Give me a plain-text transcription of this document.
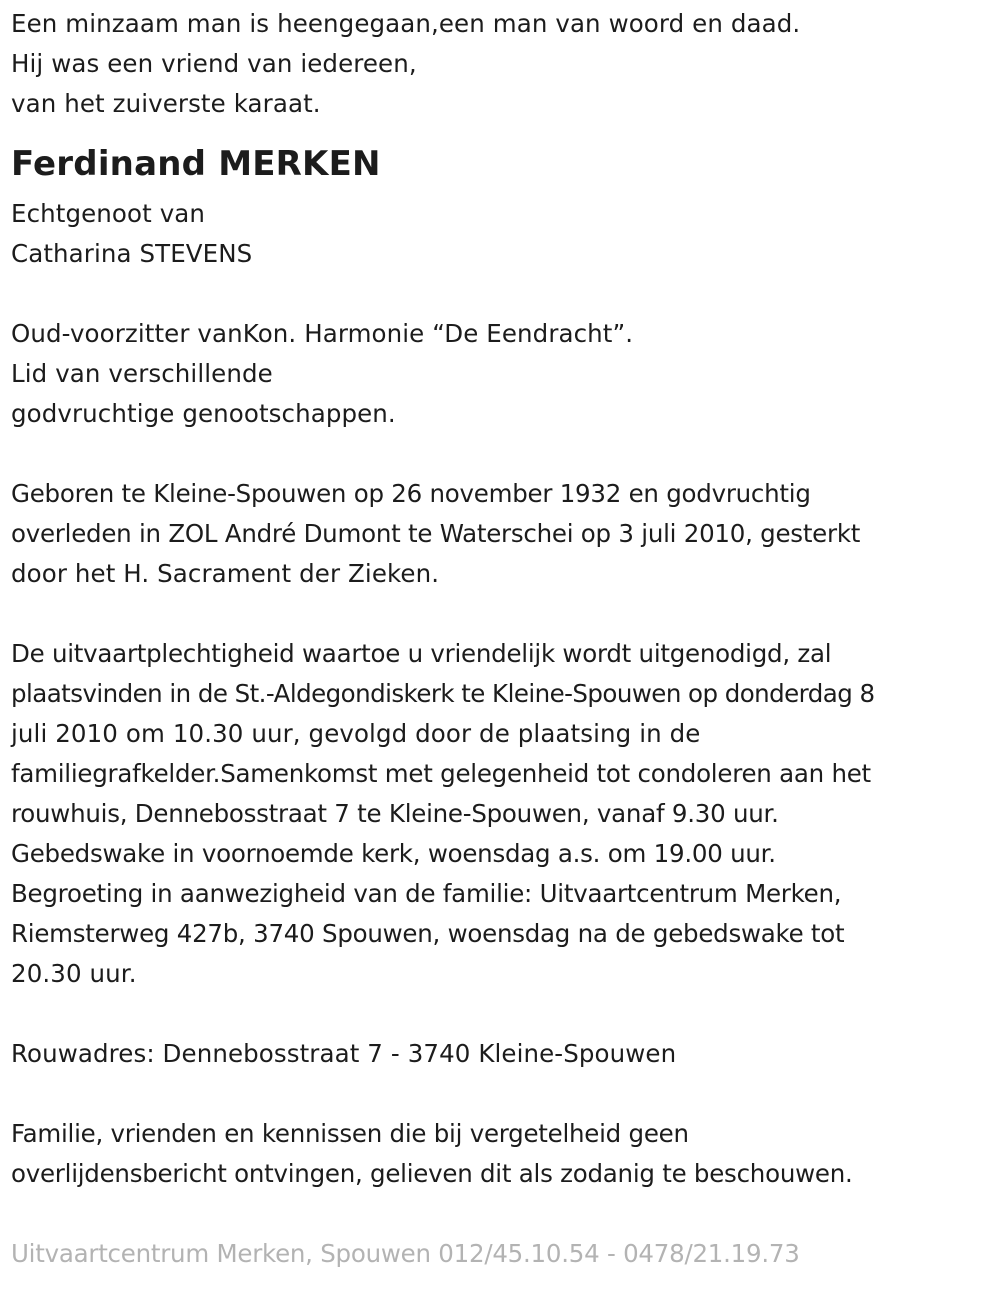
Een minzaam man is heengegaan,een man van woord en daad.
Hij was een vriend van iedereen,
van het zuiverste karaat.
Ferdinand MERKEN
Echtgenoot van
Catharina STEVENS
Oud-voorzitter vanKon. Harmonie “De Eendracht”.
Lid van verschillende
godvruchtige genootschappen.
Geboren te Kleine-Spouwen op 26 november 1932 en godvruchtig
overleden in ZOL André Dumont te Waterschei op 3 juli 2010, gesterkt
door het H. Sacrament der Zieken.
De uitvaartplechtigheid waartoe u vriendelijk wordt uitgenodigd, zal
plaatsvinden in de St.-Aldegondiskerk te Kleine-Spouwen op donderdag 8
juli 2010 om 10.30 uur, gevolgd door de plaatsing in de
familiegrafkelder.Samenkomst met gelegenheid tot condoleren aan het
rouwhuis, Dennebosstraat 7 te Kleine-Spouwen, vanaf 9.30 uur.
Gebedswake in voornoemde kerk, woensdag a.s. om 19.00 uur.
Begroeting in aanwezigheid van de familie: Uitvaartcentrum Merken,
Riemsterweg 427b, 3740 Spouwen, woensdag na de gebedswake tot
20.30 uur.
Rouwadres: Dennebosstraat 7 - 3740 Kleine-Spouwen
Familie, vrienden en kennissen die bij vergetelheid geen
overlijdensbericht ontvingen, gelieven dit als zodanig te beschouwen.
Uitvaartcentrum Merken, Spouwen 012/45.10.54 - 0478/21.19.73
